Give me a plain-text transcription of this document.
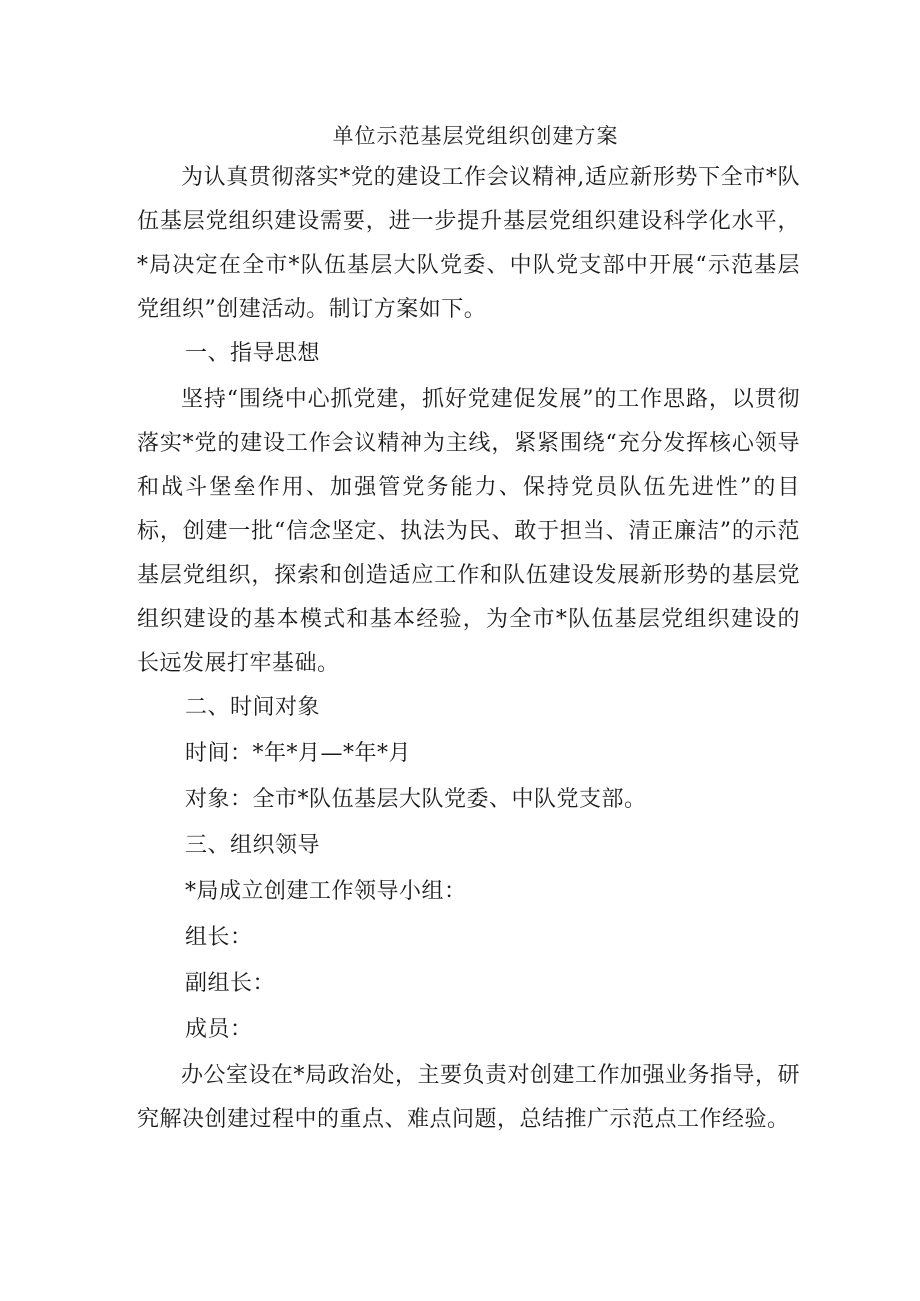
单位示范基层党组织创建方案

为认真贯彻落实*党的建设工作会议精神,适应新形势下全市*队伍基层党组织建设需要，进一步提升基层党组织建设科学化水平，*局决定在全市*队伍基层大队党委、中队党支部中开展“示范基层党组织”创建活动。制订方案如下。

一、指导思想

坚持“围绕中心抓党建，抓好党建促发展”的工作思路，以贯彻落实*党的建设工作会议精神为主线，紧紧围绕“充分发挥核心领导和战斗堡垒作用、加强管党务能力、保持党员队伍先进性”的目标，创建一批“信念坚定、执法为民、敢于担当、清正廉洁”的示范基层党组织，探索和创造适应工作和队伍建设发展新形势的基层党组织建设的基本模式和基本经验，为全市*队伍基层党组织建设的长远发展打牢基础。

二、时间对象
时间：*年*月—*年*月
对象：全市*队伍基层大队党委、中队党支部。
三、组织领导
*局成立创建工作领导小组：
组长：
副组长：
成员：

办公室设在*局政治处，主要负责对创建工作加强业务指导，研究解决创建过程中的重点、难点问题，总结推广示范点工作经验。
